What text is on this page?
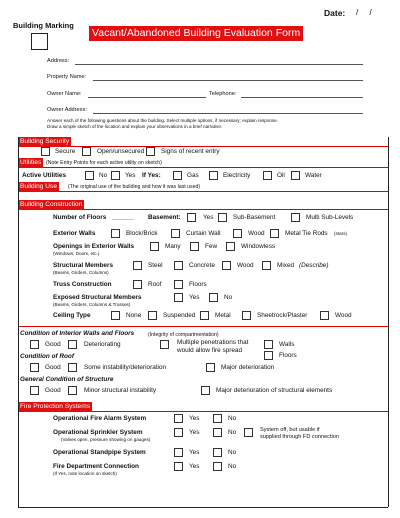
Date: / /
Building Marking
Vacant/Abandoned Building Evaluation Form
Address:
Property Name:
Owner Name:	Telephone:
Owner Address:
Answer each of the following questions about the building. Select multiple options, if necessary; explain response.
Draw a simple sketch of the location and explain your observations in a brief narrative.
Building Security
Secure	Open/unsecured	Signs of recent entry
Utilities (Note Entry Points for each active utility on sketch)
Active Utilities	No	Yes If Yes:	Gas	Electricity	Oil	Water
Building Use	(The original use of the building and how it was last used)
Building Construction
Number of Floors ______ Basement:	Yes	Sub-Basement	Multi Sub-Levels
Exterior Walls	Block/Brick	Curtain Wall	Wood	Metal Tie Rods (stars)
Openings in Exterior Walls
(Windows, Doors, etc.)
Many	Few	Windowless
Structural Members
(Beams, Girders, Columns)
Steel	Concrete	Wood	Mixed (Describe)
Truss Construction	Roof	Floors
Exposed Structural Members
(Beams, Girders, Columns & Trusses)
Yes	No
Ceiling Type	None	Suspended	Metal	Sheetrock/Plaster	Wood
Condition of Interior Walls and Floors	(Integrity of compartmentation)
Good	Deteriorating	Multiple penetrations that
would allow fire spread
Walls
Floors
Condition of Roof
Good	Some instability/deterioration	Major deterioration
General Condition of Structure
Good	Minor structural instability	Major deterioration of structural elements
Fire Protection Systems
Operational Fire Alarm System	Yes	No
Operational Sprinkler System
(Valves open, pressure showing on gauges)
Yes	No	System off, but usable if
supplied through FD connection
Operational Standpipe System	Yes	No
Fire Department Connection
(If Yes, note location on sketch)
Yes	No
